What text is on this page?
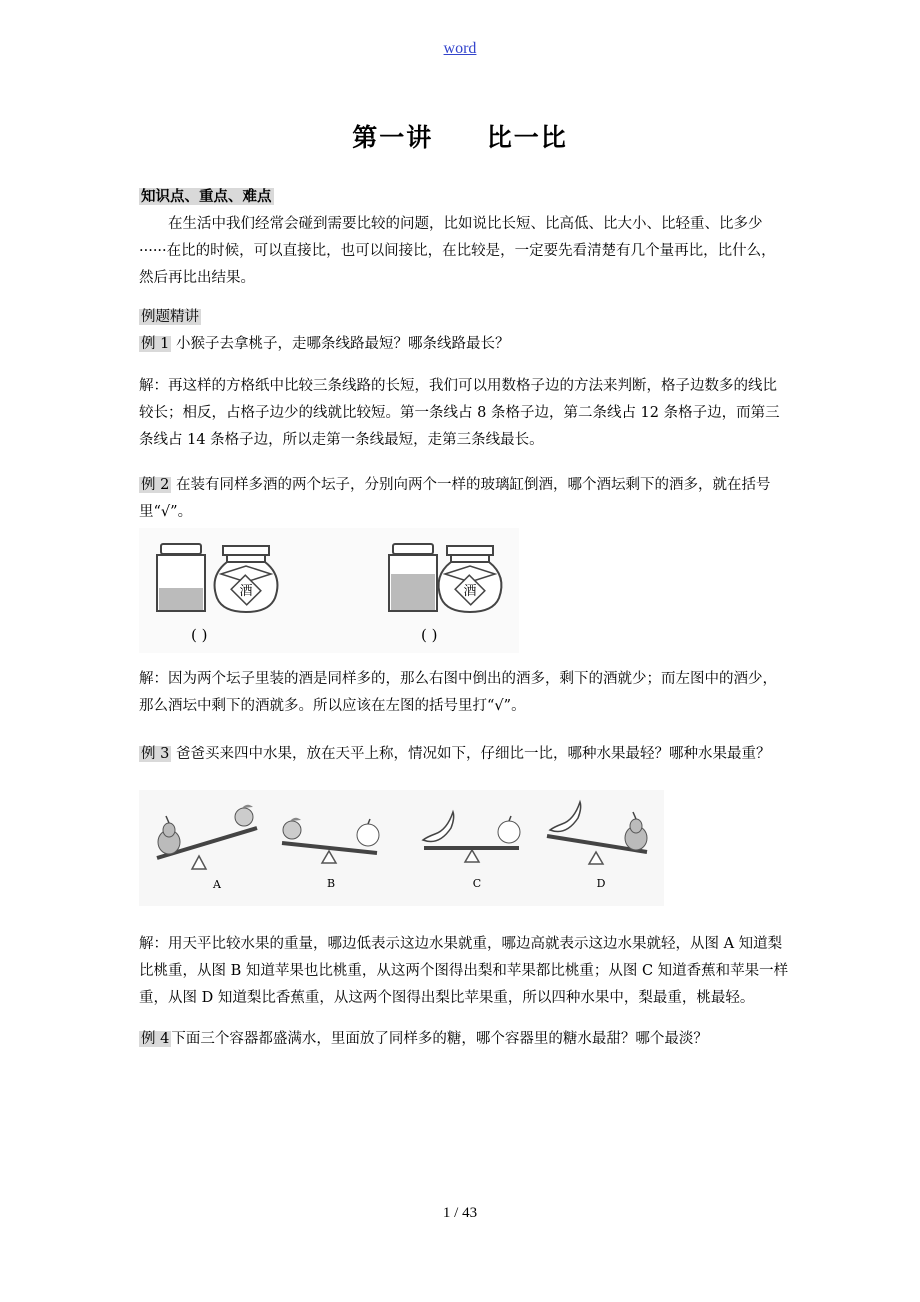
word
第一讲     比一比
知识点、重点、难点
在生活中我们经常会碰到需要比较的问题，比如说比长短、比高低、比大小、比轻重、比多少······在比的时候，可以直接比，也可以间接比，在比较是，一定要先看清楚有几个量再比，比什么，然后再比出结果。
例题精讲
例 1 小猴子去拿桃子，走哪条线路最短？哪条线路最长？
解：再这样的方格纸中比较三条线路的长短，我们可以用数格子边的方法来判断，格子边数多的线比较长；相反，占格子边少的线就比较短。第一条线占 8 条格子边，第二条线占 12 条格子边，而第三条线占 14 条格子边，所以走第一条线最短，走第三条线最长。
例 2 在装有同样多酒的两个坛子，分别向两个一样的玻璃缸倒酒，哪个酒坛剩下的酒多，就在括号里“√”。
酒
( )
酒
( )
解：因为两个坛子里装的酒是同样多的，那么右图中倒出的酒多，剩下的酒就少；而左图中的酒少，那么酒坛中剩下的酒就多。所以应该在左图的括号里打“√”。
例 3 爸爸买来四中水果，放在天平上称，情况如下，仔细比一比，哪种水果最轻？哪种水果最重？
A	B	C	D
解：用天平比较水果的重量，哪边低表示这边水果就重，哪边高就表示这边水果就轻，从图 A 知道梨比桃重，从图 B 知道苹果也比桃重，从这两个图得出梨和苹果都比桃重；从图 C 知道香蕉和苹果一样重，从图 D 知道梨比香蕉重，从这两个图得出梨比苹果重，所以四种水果中，梨最重，桃最轻。
例 4 下面三个容器都盛满水，里面放了同样多的糖，哪个容器里的糖水最甜？哪个最淡？
1 / 43
